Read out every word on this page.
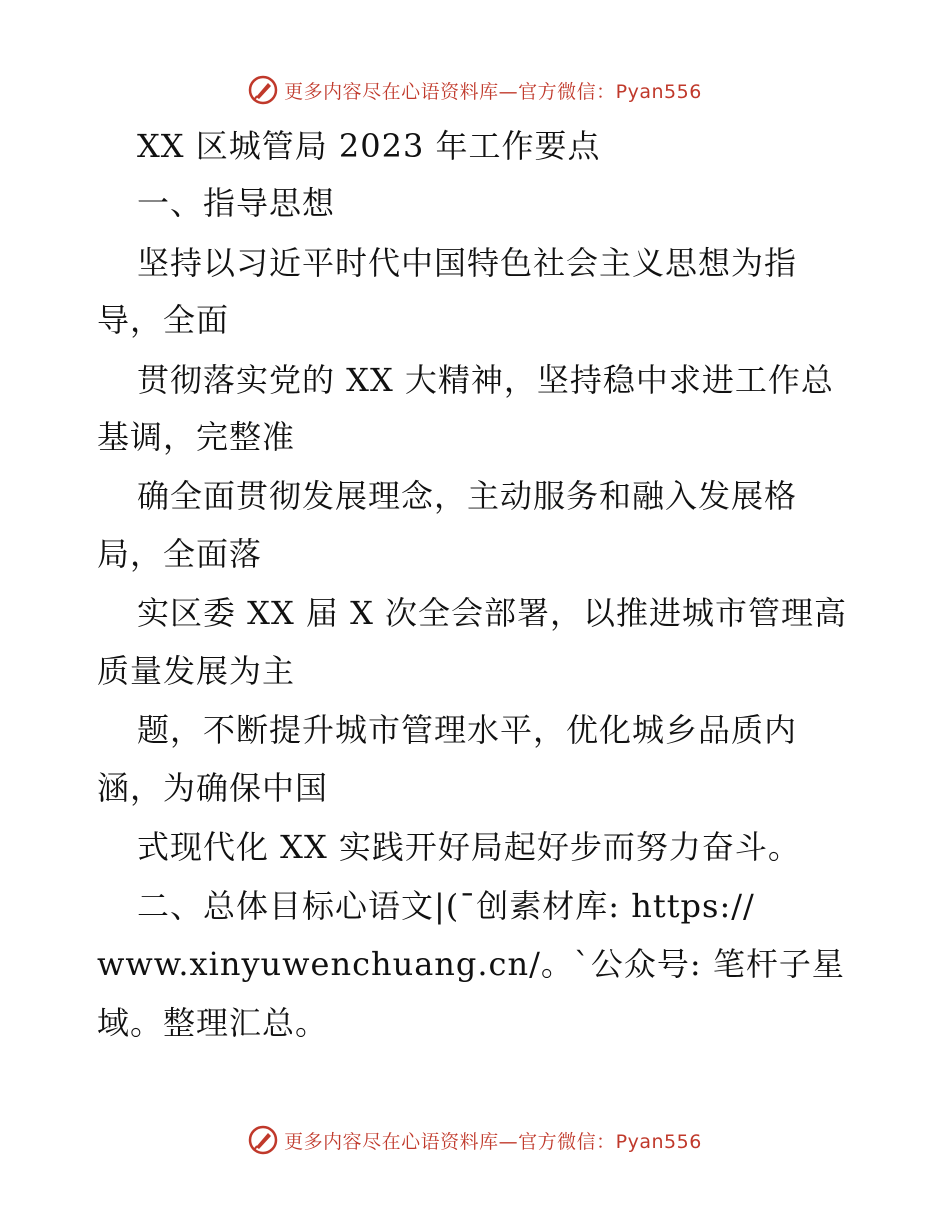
更多内容尽在心语资料库—官方微信：Pyan556
XX 区城管局 2023 年工作要点
一、指导思想
坚持以习近平时代中国特色社会主义思想为指
导，全面
贯彻落实党的 XX 大精神，坚持稳中求进工作总
基调，完整准
确全面贯彻发展理念，主动服务和融入发展格
局，全面落
实区委 XX 届 X 次全会部署，以推进城市管理高
质量发展为主
题，不断提升城市管理水平，优化城乡品质内
涵，为确保中国
式现代化 XX 实践开好局起好步而努力奋斗。
二、总体目标心语文|(¯创素材库: https://
www.xinyuwenchuang.cn/。`公众号: 笔杆子星
域。整理汇总。
更多内容尽在心语资料库—官方微信：Pyan556
